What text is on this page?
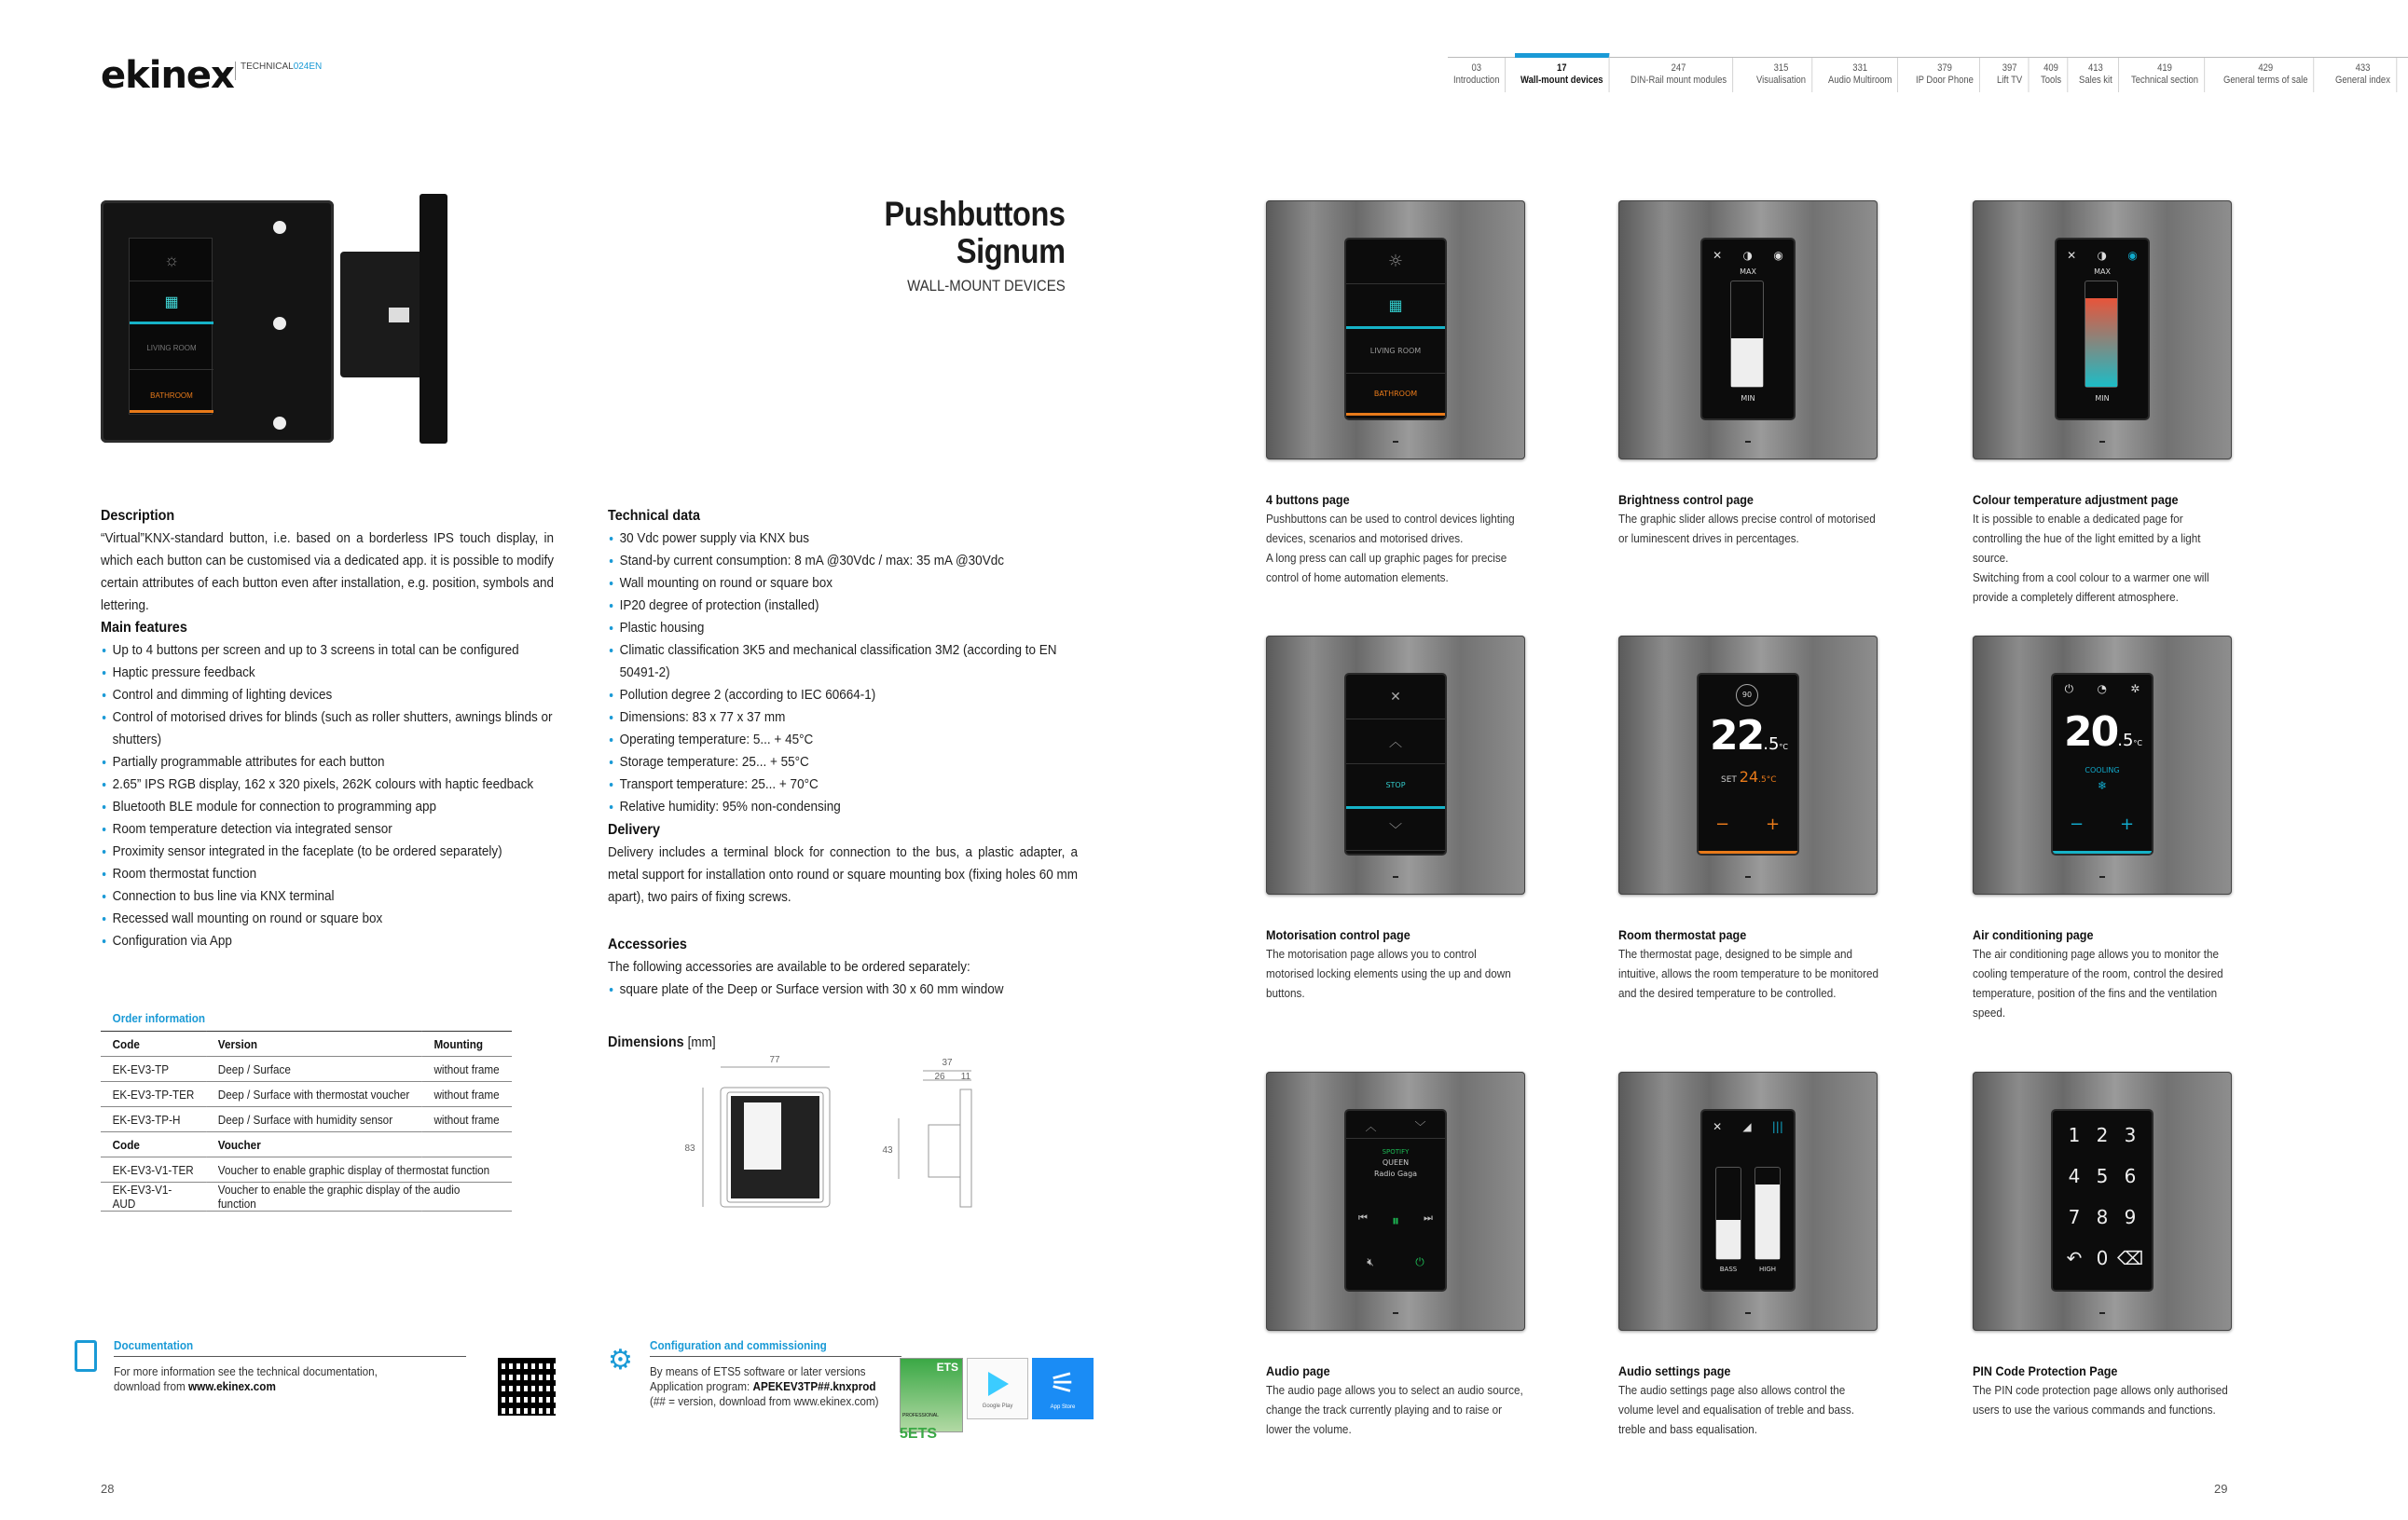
ekinex TECHNICAL024EN	03
Introduction
17
Wall-mount devices
247
DIN-Rail mount modules
315
Visualisation
331
Audio Multiroom
379
IP Door Phone
397
Lift TV
409
Tools
413
Sales kit
419
Technical section
429
General terms of sale
433
General index
☼
▦
LIVING ROOM
BATHROOM
Pushbuttons
Signum
WALL-MOUNT DEVICES
Description

“Virtual”KNX-standard button, i.e. based on a borderless IPS touch display, in which each button can be customised via a dedicated app. it is possible to modify certain attributes of each button even after installation, e.g. position, symbols and lettering.

Main features
Up to 4 buttons per screen and up to 3 screens in total can be configured
Haptic pressure feedback
Control and dimming of lighting devices
Control of motorised drives for blinds (such as roller shutters, awnings blinds or shutters)
Partially programmable attributes for each button
2.65” IPS RGB display, 162 x 320 pixels, 262K colours with haptic feedback
Bluetooth BLE module for connection to programming app
Room temperature detection via integrated sensor
Proximity sensor integrated in the faceplate (to be ordered separately)
Room thermostat function
Connection to bus line via KNX terminal
Recessed wall mounting on round or square box
Configuration via App
Order information
Code	Version	Mounting
EK-EV3-TP	Deep / Surface	without frame
EK-EV3-TP-TER	Deep / Surface with thermostat voucher	without frame
EK-EV3-TP-H	Deep / Surface with humidity sensor	without frame
Code	Voucher	
EK-EV3-V1-TER	Voucher to enable graphic display of thermostat function	
EK-EV3-V1-AUD	Voucher to enable the graphic display of the audio function	
Documentation
For more information see the technical documentation,
download from www.ekinex.com
Technical data
30 Vdc power supply via KNX bus
Stand-by current consumption: 8 mA @30Vdc / max: 35 mA @30Vdc
Wall mounting on round or square box
IP20 degree of protection (installed)
Plastic housing
Climatic classification 3K5 and mechanical classification 3M2 (according to EN 50491-2)
Pollution degree 2 (according to IEC 60664-1)
Dimensions: 83 x 77 x 37 mm
Operating temperature: 5... + 45°C
Storage temperature: 25... + 55°C
Transport temperature: 25... + 70°C
Relative humidity: 95% non-condensing
Delivery

Delivery includes a terminal block for connection to the bus, a plastic adapter, a metal support for installation onto round or square mounting box (fixing holes 60 mm apart), two pairs of fixing screws.

Accessories

The following accessories are available to be ordered separately:

square plate of the Deep or Surface version with 30 x 60 mm window
Dimensions [mm]
77
83
37
26 11
43
⚙ Configuration and commissioning
By means of ETS5 software or later versions
Application program: APEKEV3TP##.knxprod
(## = version, download from www.ekinex.com)
ETS
PROFESSIONAL
5ETS
Google Play
⚟
App Store
☼
▦
LIVING ROOM
BATHROOM
✕ ◑ ◉
MAX
MIN
✕ ◑ ◉
MAX
MIN
4 buttons page
Pushbuttons can be used to control devices lighting devices, scenarios and motorised drives.
A long press can call up graphic pages for precise control of home automation elements.
Brightness control page
The graphic slider allows precise control of motorised or luminescent drives in percentages.
Colour temperature adjustment page
It is possible to enable a dedicated page for controlling the hue of the light emitted by a light source.
Switching from a cool colour to a warmer one will provide a completely different atmosphere.
✕
︿
STOP
﹀
90
22.5°C
SET 24.5°C
− +
⏻ ◔ ✲
20.5°C
COOLING
❄
− +
Motorisation control page
The motorisation page allows you to control motorised locking elements using the up and down buttons.
Room thermostat page
The thermostat page, designed to be simple and intuitive, allows the room temperature to be monitored and the desired temperature to be controlled.
Air conditioning page
The air conditioning page allows you to monitor the cooling temperature of the room, control the desired temperature, position of the fins and the ventilation speed.
︿	﹀
SPOTIFY
QUEEN
Radio Gaga
⏮ ⏸ ⏭
🔇︎	⏻
✕ ◢ |||
BASS	HIGH
1 2 3
4 5 6
7 8 9
↶ 0 ⌫
Audio page
The audio page allows you to select an audio source, change the track currently playing and to raise or lower the volume.
Audio settings page
The audio settings page also allows control the volume level and equalisation of treble and bass. treble and bass equalisation.
PIN Code Protection Page
The PIN code protection page allows only authorised users to use the various commands and functions.
28	29
